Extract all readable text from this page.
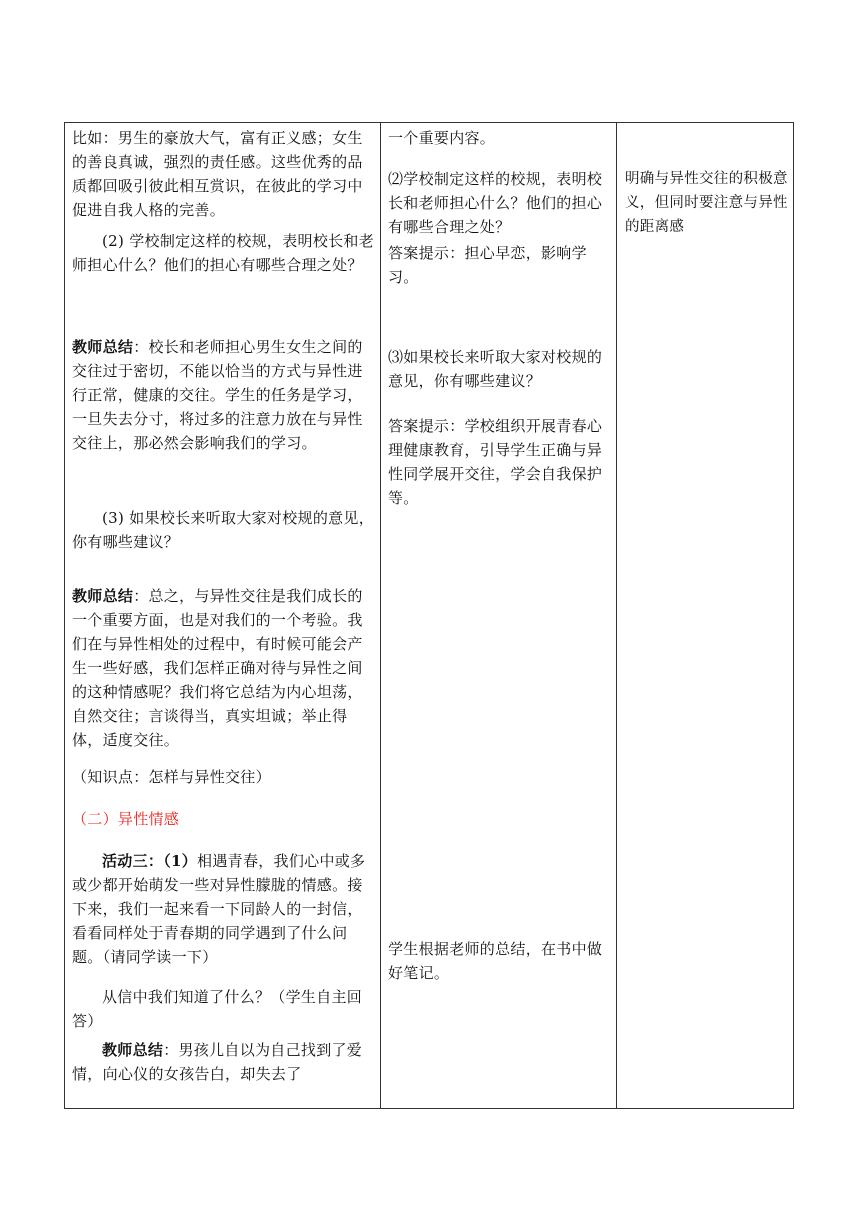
比如：男生的豪放大气，富有正义感；女生的善良真诚，强烈的责任感。这些优秀的品质都回吸引彼此相互赏识，在彼此的学习中促进自我人格的完善。

(2) 学校制定这样的校规，表明校长和老师担心什么？他们的担心有哪些合理之处？

教师总结：校长和老师担心男生女生之间的交往过于密切，不能以恰当的方式与异性进行正常，健康的交往。学生的任务是学习，一旦失去分寸，将过多的注意力放在与异性交往上，那必然会影响我们的学习。

(3) 如果校长来听取大家对校规的意见，你有哪些建议？

教师总结：总之，与异性交往是我们成长的一个重要方面，也是对我们的一个考验。我们在与异性相处的过程中，有时候可能会产生一些好感，我们怎样正确对待与异性之间的这种情感呢？我们将它总结为内心坦荡，自然交往；言谈得当，真实坦诚；举止得体，适度交往。

（知识点：怎样与异性交往）

（二）异性情感

活动三：（1）相遇青春，我们心中或多或少都开始萌发一些对异性朦胧的情感。接下来，我们一起来看一下同龄人的一封信，看看同样处于青春期的同学遇到了什么问题。（请同学读一下）

从信中我们知道了什么？（学生自主回答）

教师总结：男孩儿自以为自己找到了爱情，向心仪的女孩告白，却失去了

一个重要内容。

⑵学校制定这样的校规，表明校长和老师担心什么？他们的担心有哪些合理之处？

答案提示：担心早恋，影响学习。

⑶如果校长来听取大家对校规的意见，你有哪些建议？

答案提示：学校组织开展青春心理健康教育，引导学生正确与异性同学展开交往，学会自我保护等。

学生根据老师的总结，在书中做好笔记。

明确与异性交往的积极意义，但同时要注意与异性的距离感
